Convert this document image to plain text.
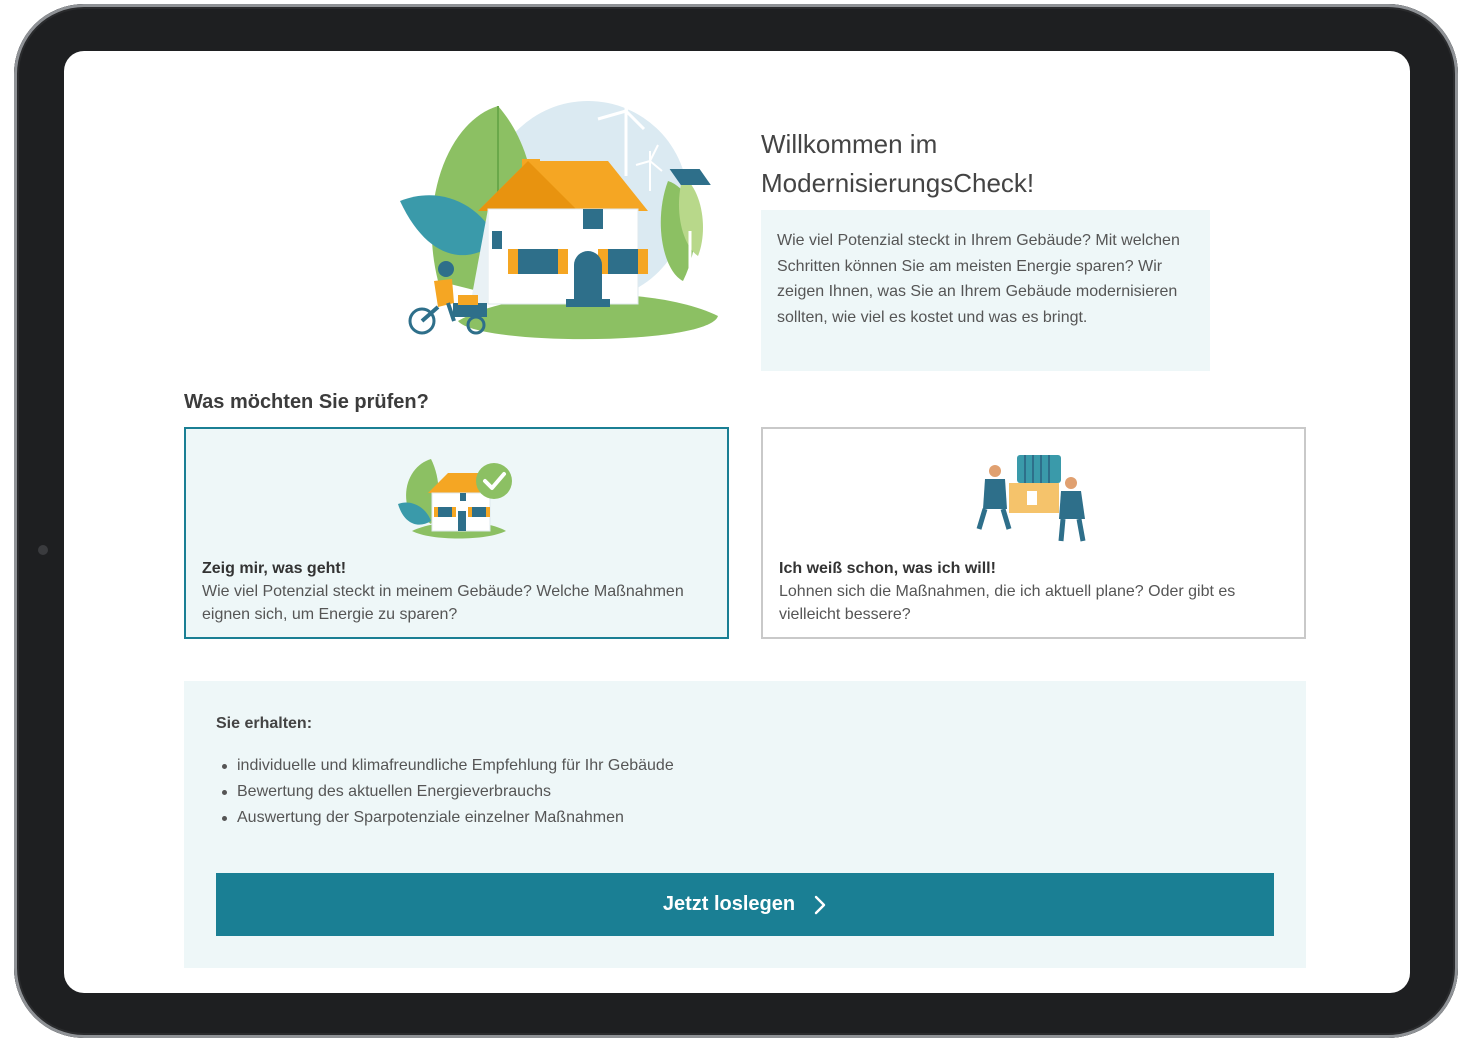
Willkommen im
ModernisierungsCheck!
Wie viel Potenzial steckt in Ihrem Gebäude? Mit welchen Schritten können Sie am meisten Energie sparen? Wir zeigen Ihnen, was Sie an Ihrem Gebäude modernisieren sollten, wie viel es kostet und was es bringt.
Was möchten Sie prüfen?
Zeig mir, was geht!
Wie viel Potenzial steckt in meinem Gebäude? Welche Maßnahmen eignen sich, um Energie zu sparen?
Ich weiß schon, was ich will!
Lohnen sich die Maßnahmen, die ich aktuell plane? Oder gibt es vielleicht bessere?
Sie erhalten:
individuelle und klimafreundliche Empfehlung für Ihr Gebäude
Bewertung des aktuellen Energieverbrauchs
Auswertung der Sparpotenziale einzelner Maßnahmen
Jetzt loslegen
